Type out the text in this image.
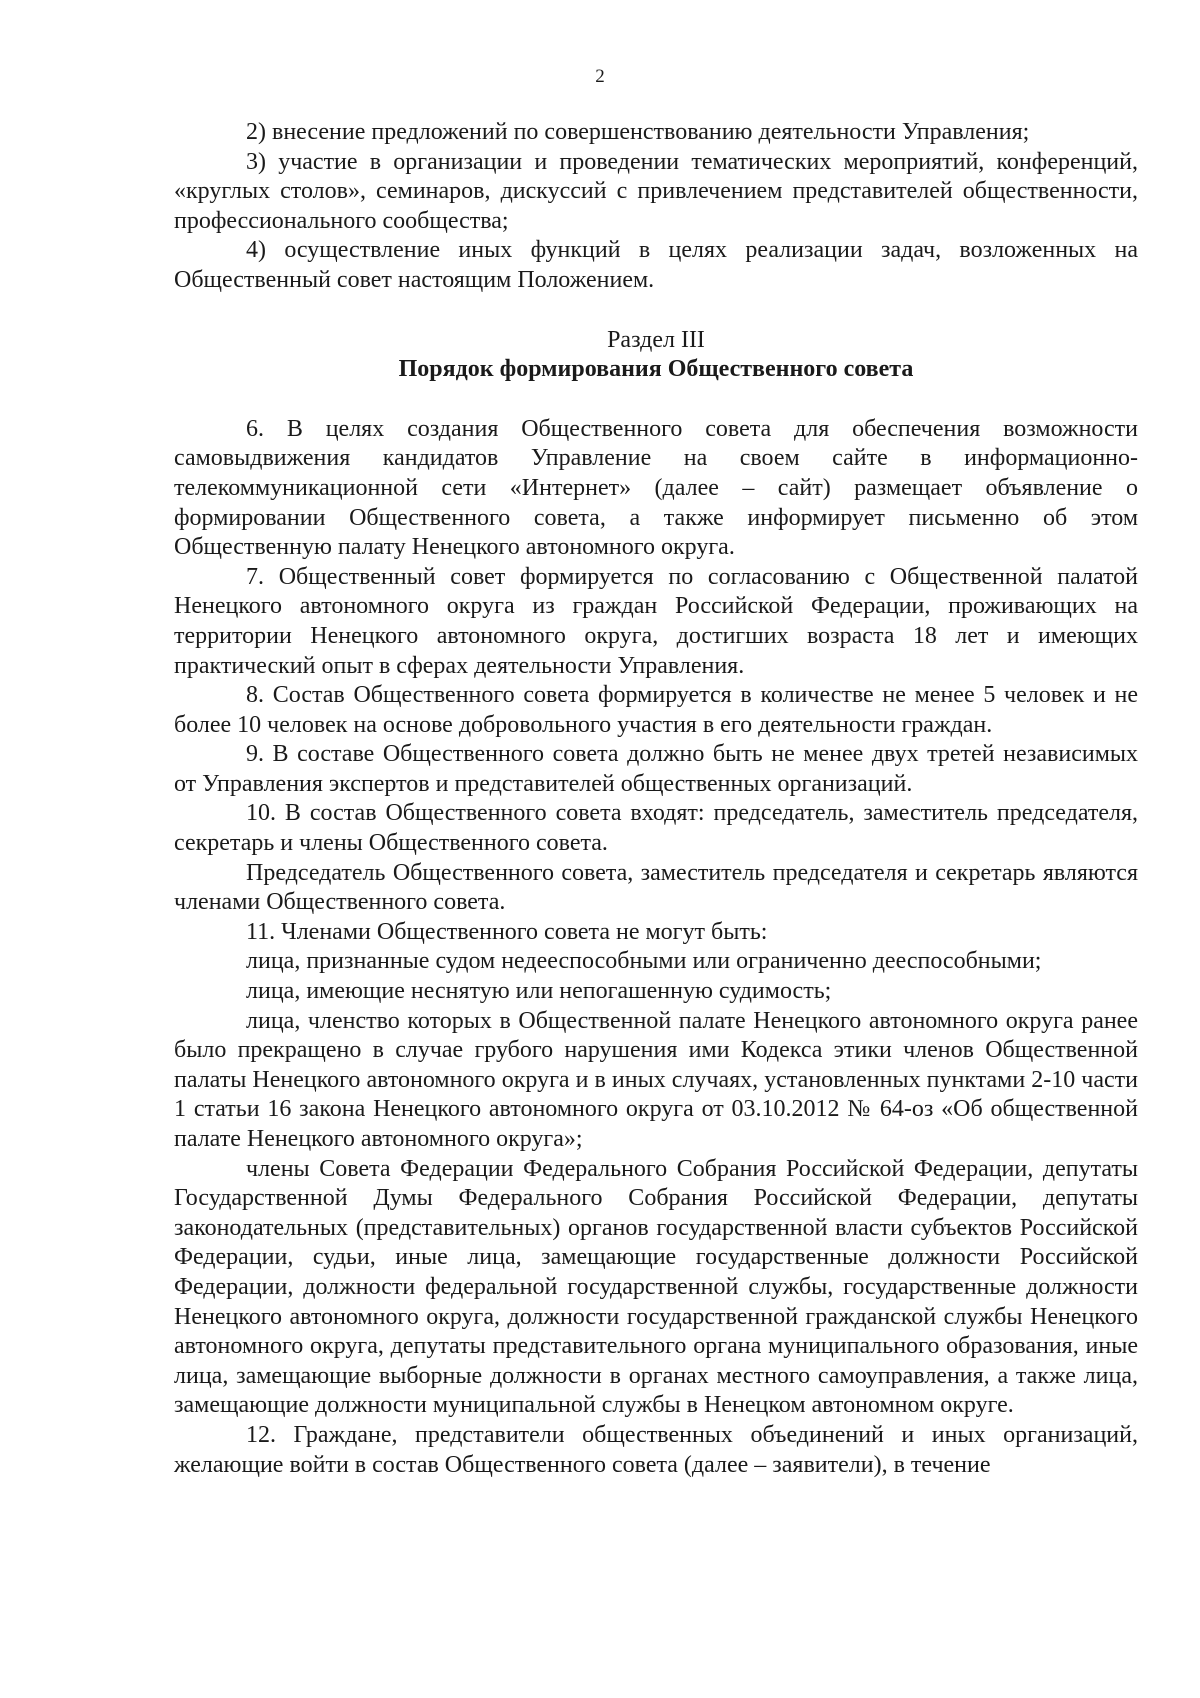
2

2) внесение предложений по совершенствованию деятельности Управления;

3) участие в организации и проведении тематических мероприятий, конференций, «круглых столов», семинаров, дискуссий с привлечением представителей общественности, профессионального сообщества;

4) осуществление иных функций в целях реализации задач, возложенных на Общественный совет настоящим Положением.

Раздел III

Порядок формирования Общественного совета

6. В целях создания Общественного совета для обеспечения возможности самовыдвижения кандидатов Управление на своем сайте в информационно-телекоммуникационной сети «Интернет» (далее – сайт) размещает объявление о формировании Общественного совета, а также информирует письменно об этом Общественную палату Ненецкого автономного округа.

7. Общественный совет формируется по согласованию с Общественной палатой Ненецкого автономного округа из граждан Российской Федерации, проживающих на территории Ненецкого автономного округа, достигших возраста 18 лет и имеющих практический опыт в сферах деятельности Управления.

8. Состав Общественного совета формируется в количестве не менее 5 человек и не более 10 человек на основе добровольного участия в его деятельности граждан.

9. В составе Общественного совета должно быть не менее двух третей независимых от Управления экспертов и представителей общественных организаций.

10. В состав Общественного совета входят: председатель, заместитель председателя, секретарь и члены Общественного совета.

Председатель Общественного совета, заместитель председателя и секретарь являются членами Общественного совета.

11. Членами Общественного совета не могут быть:

лица, признанные судом недееспособными или ограниченно дееспособными;

лица, имеющие неснятую или непогашенную судимость;

лица, членство которых в Общественной палате Ненецкого автономного округа ранее было прекращено в случае грубого нарушения ими Кодекса этики членов Общественной палаты Ненецкого автономного округа и в иных случаях, установленных пунктами 2-10 части 1 статьи 16 закона Ненецкого автономного округа от 03.10.2012 № 64-оз «Об общественной палате Ненецкого автономного округа»;

члены Совета Федерации Федерального Собрания Российской Федерации, депутаты Государственной Думы Федерального Собрания Российской Федерации, депутаты законодательных (представительных) органов государственной власти субъектов Российской Федерации, судьи, иные лица, замещающие государственные должности Российской Федерации, должности федеральной государственной службы, государственные должности Ненецкого автономного округа, должности государственной гражданской службы Ненецкого автономного округа, депутаты представительного органа муниципального образования, иные лица, замещающие выборные должности в органах местного самоуправления, а также лица, замещающие должности муниципальной службы в Ненецком автономном округе.

12. Граждане, представители общественных объединений и иных организаций, желающие войти в состав Общественного совета (далее – заявители), в течение
